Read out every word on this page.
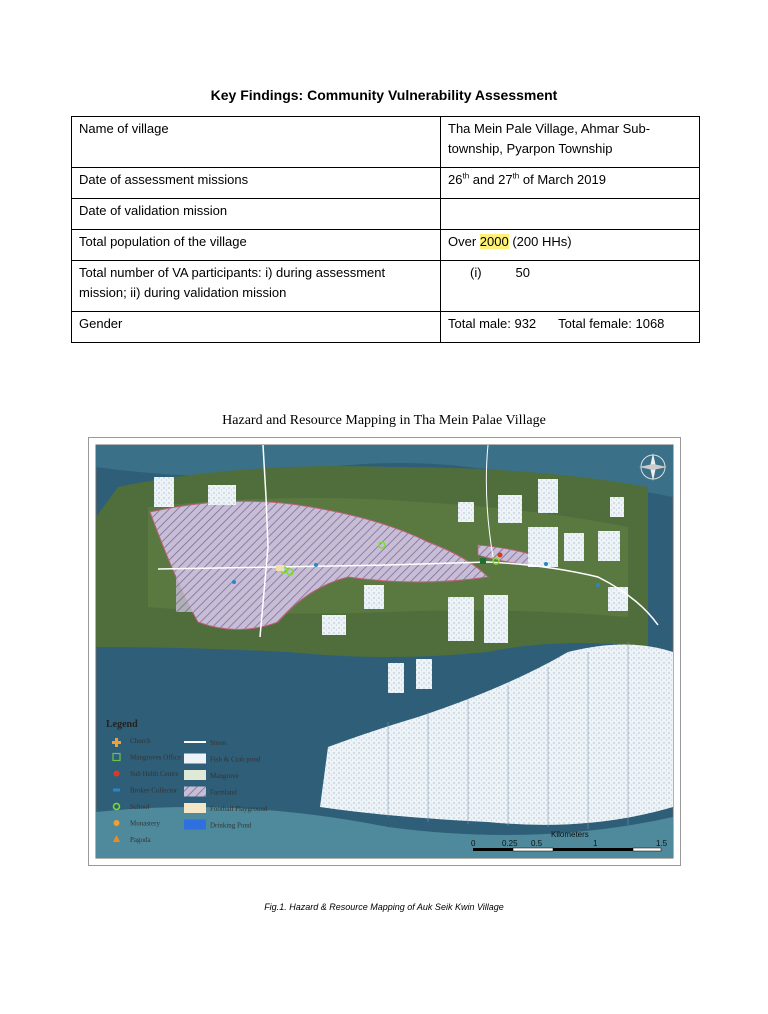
Key Findings: Community Vulnerability Assessment
Name of village	Tha Mein Pale Village, Ahmar Sub-township, Pyarpon Township
Date of assessment missions	26th and 27th of March 2019
Date of validation mission	
Total population of the village	Over 2000 (200 HHs)
Total number of VA participants: i) during assessment mission; ii) during validation mission	(i) 50
Gender	Total male: 932 Total female: 1068
Hazard and Resource Mapping in Tha Mein Palae Village
Legend
Church
Mangroves Office
Sub Helth Centre
Broker Collector
School
Monastery
Pagoda
Street
Fish & Crab pond
Mangrove
Farmland
Football Playground
Drinking Pond
Kilometers
0	0.25 0.5	1	1.5
Fig.1. Hazard & Resource Mapping of Auk Seik Kwin Village
